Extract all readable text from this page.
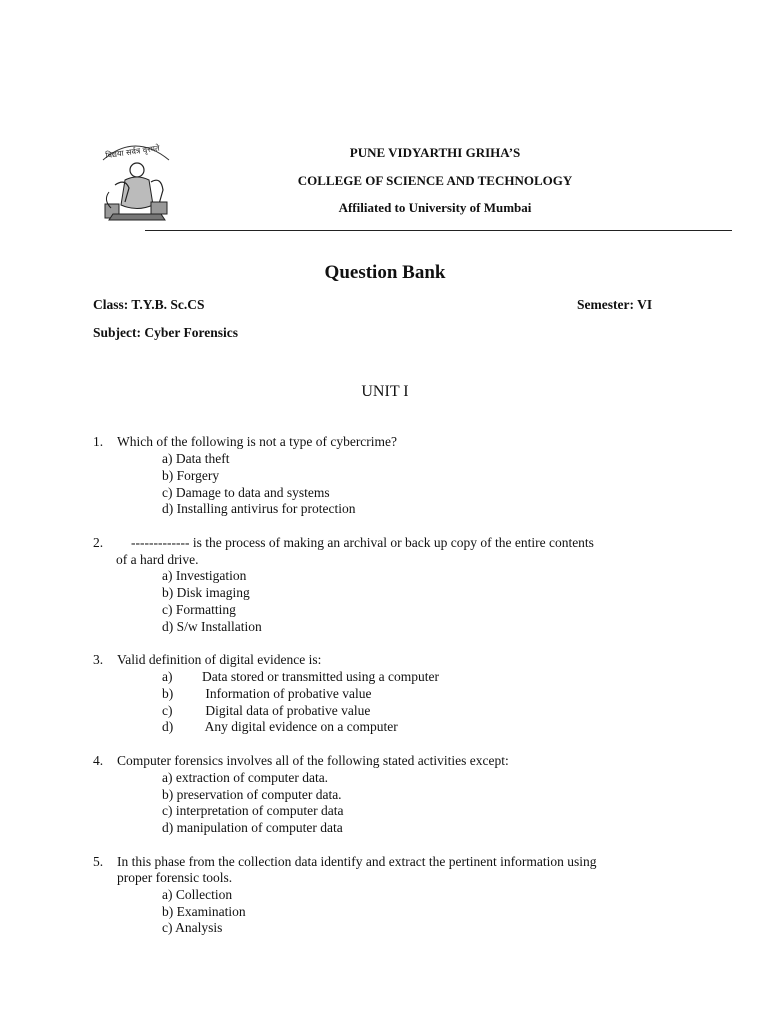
विद्यया सर्वत्र वृत्त्यते	PUNE VIDYARTHI GRIHA’S
COLLEGE OF SCIENCE AND TECHNOLOGY
Affiliated to University of Mumbai
Question Bank
Class: T.Y.B. Sc.CS	Semester: VI
Subject: Cyber Forensics
UNIT I
1. Which of the following is not a type of cybercrime?
a) Data theft
b) Forgery
c) Damage to data and systems
d) Installing antivirus for protection
2. ------------- is the process of making an archival or back up copy of the entire contents
of a hard drive.
a) Investigation
b) Disk imaging
c) Formatting
d) S/w Installation
3. Valid definition of digital evidence is:
a) Data stored or transmitted using a computer
b) Information of probative value
c) Digital data of probative value
d) Any digital evidence on a computer
4. Computer forensics involves all of the following stated activities except:
a) extraction of computer data.
b) preservation of computer data.
c) interpretation of computer data
d) manipulation of computer data
5. In this phase from the collection data identify and extract the pertinent information using
proper forensic tools.
a) Collection
b) Examination
c) Analysis
